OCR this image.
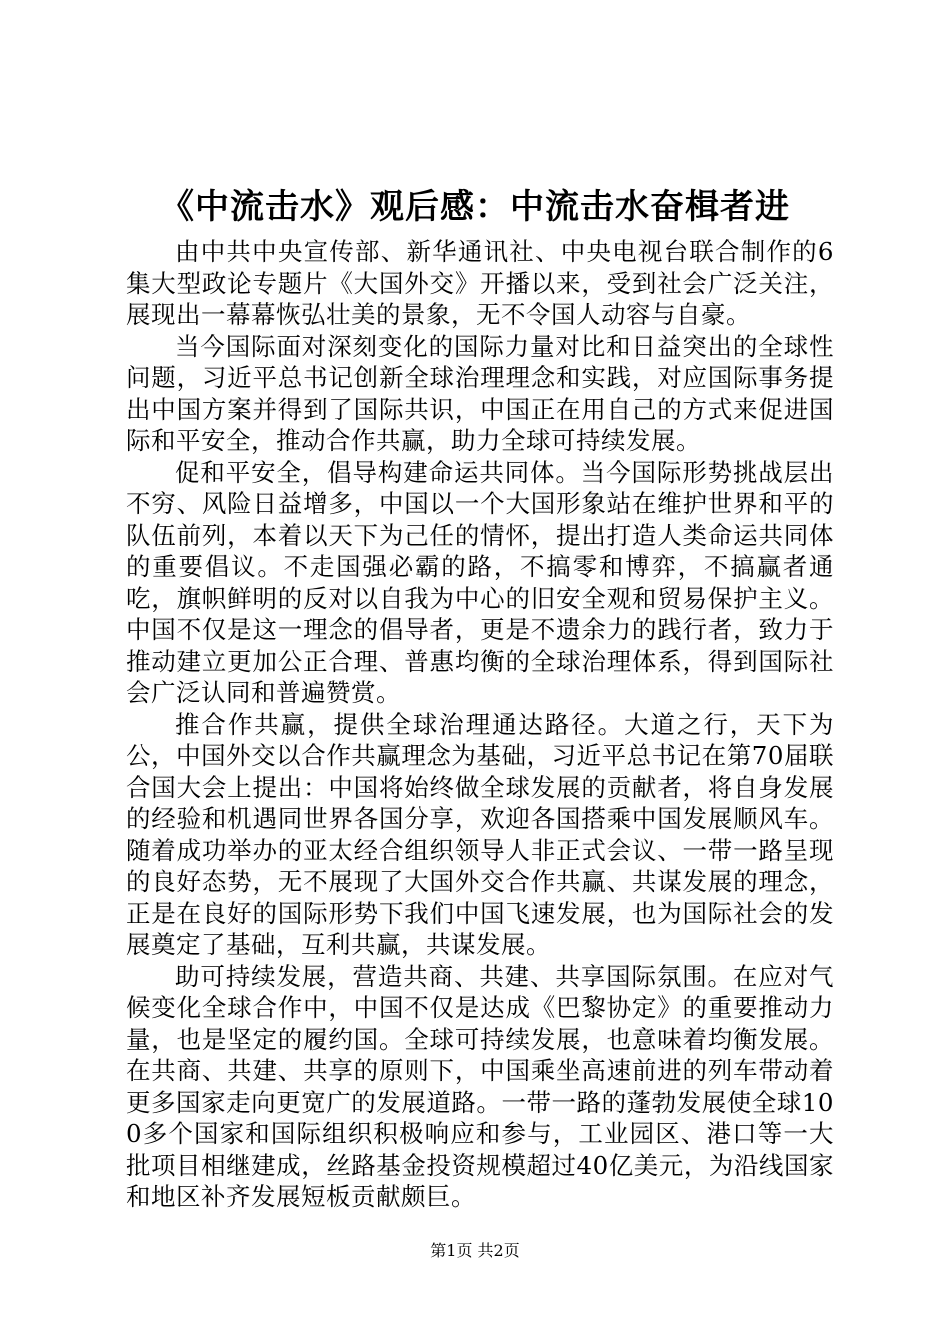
《中流击水》观后感：中流击水奋楫者进

由中共中央宣传部、新华通讯社、中央电视台联合制作的6集大型政论专题片《大国外交》开播以来，受到社会广泛关注，展现出一幕幕恢弘壮美的景象，无不令国人动容与自豪。

当今国际面对深刻变化的国际力量对比和日益突出的全球性问题，习近平总书记创新全球治理理念和实践，对应国际事务提出中国方案并得到了国际共识，中国正在用自己的方式来促进国际和平安全，推动合作共赢，助力全球可持续发展。

促和平安全，倡导构建命运共同体。当今国际形势挑战层出不穷、风险日益增多，中国以一个大国形象站在维护世界和平的队伍前列，本着以天下为己任的情怀，提出打造人类命运共同体的重要倡议。不走国强必霸的路，不搞零和博弈，不搞赢者通吃，旗帜鲜明的反对以自我为中心的旧安全观和贸易保护主义。中国不仅是这一理念的倡导者，更是不遗余力的践行者，致力于推动建立更加公正合理、普惠均衡的全球治理体系，得到国际社会广泛认同和普遍赞赏。

推合作共赢，提供全球治理通达路径。大道之行，天下为公，中国外交以合作共赢理念为基础，习近平总书记在第70届联合国大会上提出：中国将始终做全球发展的贡献者，将自身发展的经验和机遇同世界各国分享，欢迎各国搭乘中国发展顺风车。随着成功举办的亚太经合组织领导人非正式会议、一带一路呈现的良好态势，无不展现了大国外交合作共赢、共谋发展的理念，正是在良好的国际形势下我们中国飞速发展，也为国际社会的发展奠定了基础，互利共赢，共谋发展。

助可持续发展，营造共商、共建、共享国际氛围。在应对气候变化全球合作中，中国不仅是达成《巴黎协定》的重要推动力量，也是坚定的履约国。全球可持续发展，也意味着均衡发展。在共商、共建、共享的原则下，中国乘坐高速前进的列车带动着更多国家走向更宽广的发展道路。一带一路的蓬勃发展使全球100多个国家和国际组织积极响应和参与，工业园区、港口等一大批项目相继建成，丝路基金投资规模超过40亿美元，为沿线国家和地区补齐发展短板贡献颇巨。

第1页 共2页
